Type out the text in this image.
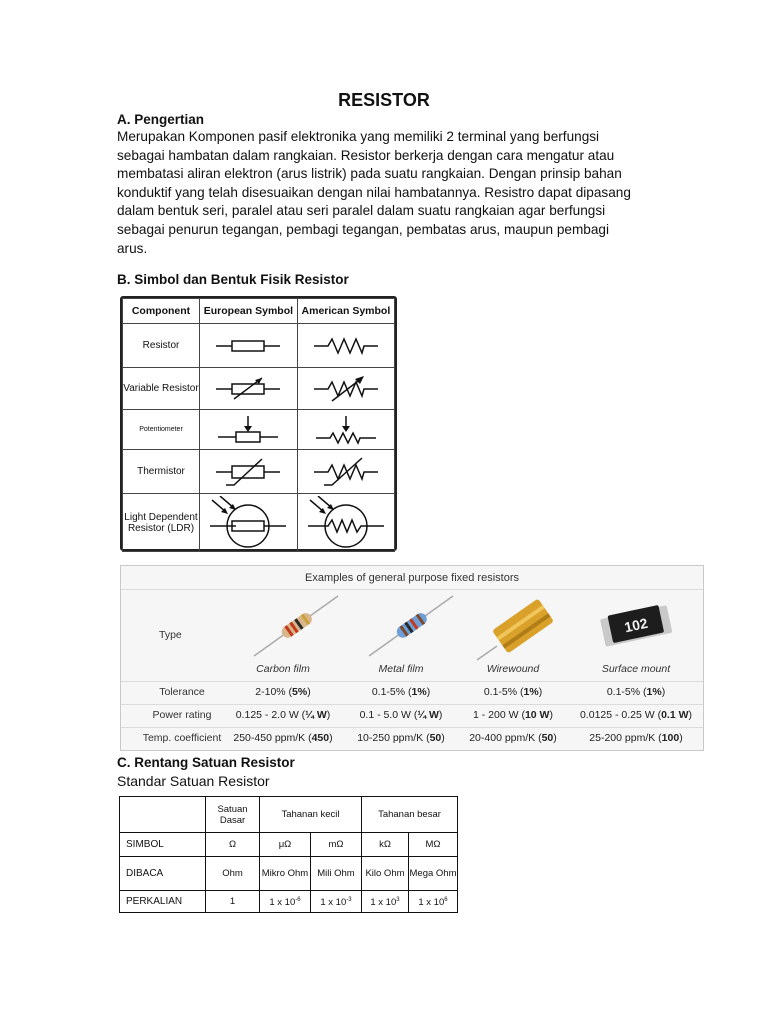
RESISTOR
A. Pengertian
Merupakan Komponen pasif elektronika yang memiliki 2 terminal yang berfungsi
sebagai hambatan dalam rangkaian. Resistor berkerja dengan cara mengatur atau
membatasi aliran elektron (arus listrik) pada suatu rangkaian. Dengan prinsip bahan
konduktif yang telah disesuaikan dengan nilai hambatannya. Resistro dapat dipasang
dalam bentuk seri, paralel atau seri paralel dalam suatu rangkaian agar berfungsi
sebagai penurun tegangan, pembagi tegangan, pembatas arus, maupun pembagi
arus.
B. Simbol dan Bentuk Fisik Resistor
Component	European Symbol	American Symbol
Resistor	

Variable Resistor	

Potentiometer	

Thermistor	

Light Dependent Resistor (LDR)	

Examples of general purpose fixed resistors
Type	102
Carbon film	Metal film	Wirewound	Surface mount
Tolerance	2-10% (5%)	0.1-5% (1%)	0.1-5% (1%)	0.1-5% (1%)
Power rating	0.125 - 2.0 W (¼ W)	0.1 - 5.0 W (¼ W)	1 - 200 W (10 W)	0.0125 - 0.25 W (0.1 W)
Temp. coefficient	250-450 ppm/K (450)	10-250 ppm/K (50)	20-400 ppm/K (50)	25-200 ppm/K (100)
C. Rentang Satuan Resistor
Standar Satuan Resistor
	Satuan Dasar	Tahanan kecil		Tahanan besar	
SIMBOL	Ω	μΩ	mΩ	kΩ	MΩ
DIBACA	Ohm	Mikro Ohm	Mili Ohm	Kilo Ohm	Mega Ohm
PERKALIAN	1	1 x $10^{-6}$	1 x $10^{-3}$	1 x $10^3$	1 x $10^6$
